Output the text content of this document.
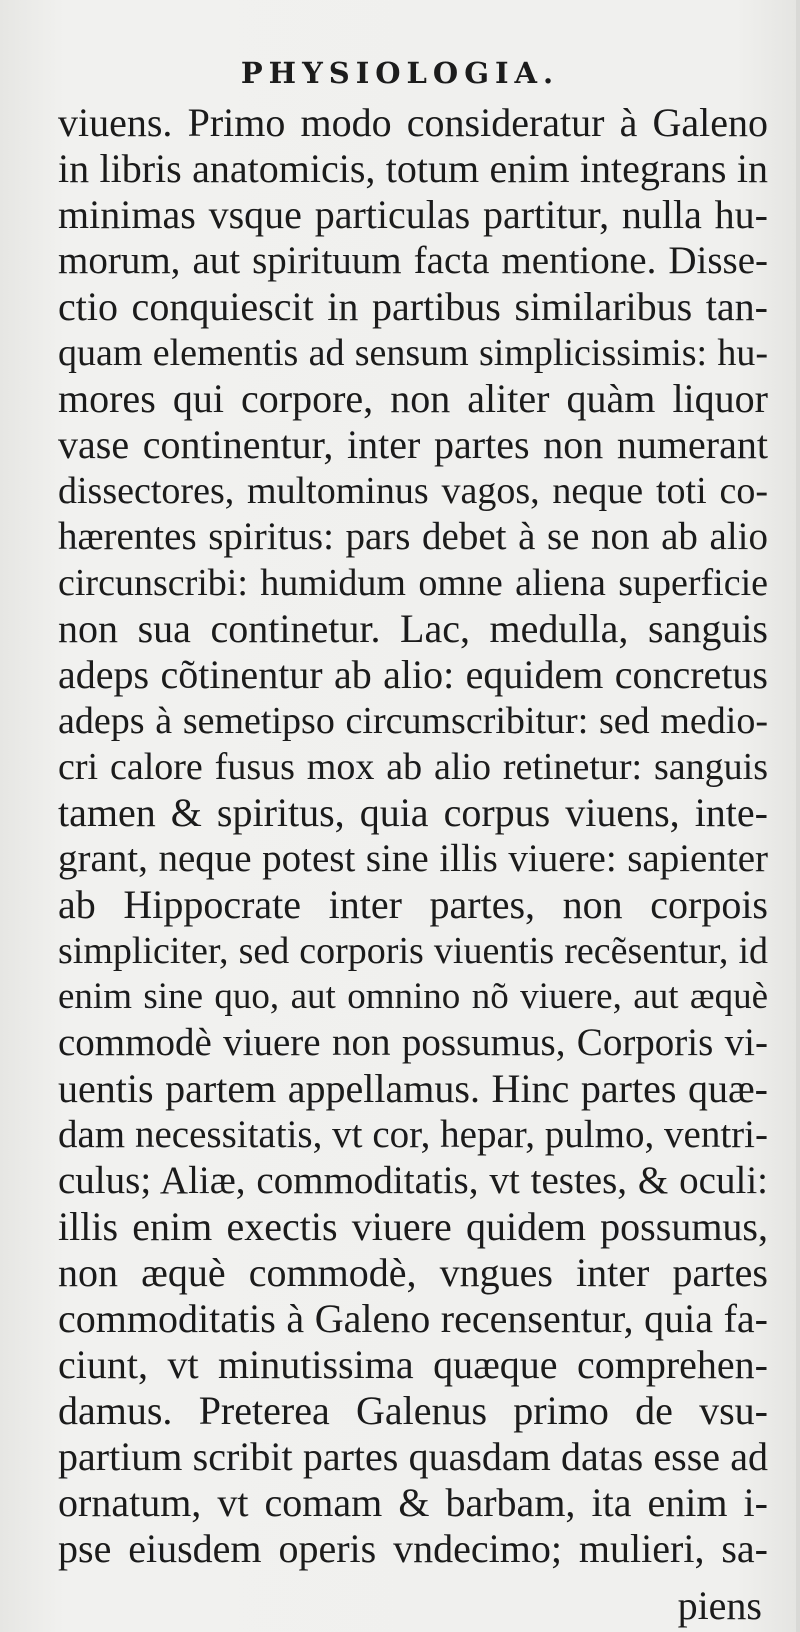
PHYSIOLOGIA.
viuens. Primo modo consideratur à Galeno
in libris anatomicis, totum enim integrans in
minimas vsque particulas partitur, nulla hu-
morum, aut spirituum facta mentione. Disse-
ctio conquiescit in partibus similaribus tan-
quam elementis ad sensum simplicissimis: hu-
mores qui corpore, non aliter quàm liquor
vase continentur, inter partes non numerant
dissectores, multominus vagos, neque toti co-
hærentes spiritus: pars debet à se non ab alio
circunscribi: humidum omne aliena superficie
non sua continetur. Lac, medulla, sanguis
adeps cõtinentur ab alio: equidem concretus
adeps à semetipso circumscribitur: sed medio-
cri calore fusus mox ab alio retinetur: sanguis
tamen & spiritus, quia corpus viuens, inte-
grant, neque potest sine illis viuere: sapienter
ab Hippocrate inter partes, non corpois
simpliciter, sed corporis viuentis recẽsentur, id
enim sine quo, aut omnino nõ viuere, aut æquè
commodè viuere non possumus, Corporis vi-
uentis partem appellamus. Hinc partes quæ-
dam necessitatis, vt cor, hepar, pulmo, ventri-
culus; Aliæ, commoditatis, vt testes, & oculi:
illis enim exectis viuere quidem possumus,
non æquè commodè, vngues inter partes
commoditatis à Galeno recensentur, quia fa-
ciunt, vt minutissima quæque comprehen-
damus. Preterea Galenus primo de vsu-
partium scribit partes quasdam datas esse ad
ornatum, vt comam & barbam, ita enim i-
pse eiusdem operis vndecimo; mulieri, sa-
piens
